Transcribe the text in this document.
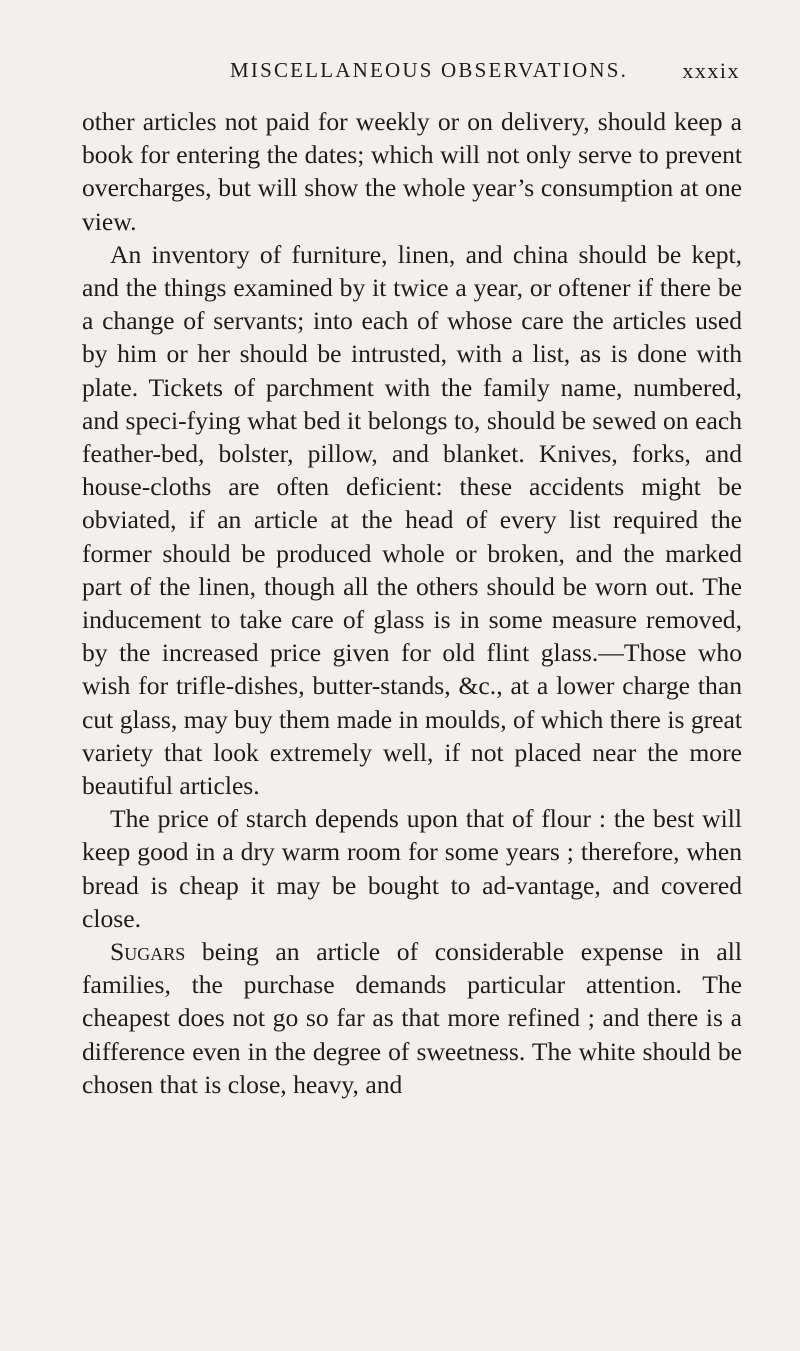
MISCELLANEOUS OBSERVATIONS. xxxix

other articles not paid for weekly or on delivery, should keep a book for entering the dates; which will not only serve to prevent overcharges, but will show the whole year’s consumption at one view.

An inventory of furniture, linen, and china should be kept, and the things examined by it twice a year, or oftener if there be a change of servants; into each of whose care the articles used by him or her should be intrusted, with a list, as is done with plate. Tickets of parchment with the family name, numbered, and speci-fying what bed it belongs to, should be sewed on each feather-bed, bolster, pillow, and blanket. Knives, forks, and house-cloths are often deficient: these accidents might be obviated, if an article at the head of every list required the former should be produced whole or broken, and the marked part of the linen, though all the others should be worn out. The inducement to take care of glass is in some measure removed, by the increased price given for old flint glass.—Those who wish for trifle-dishes, butter-stands, &c., at a lower charge than cut glass, may buy them made in moulds, of which there is great variety that look extremely well, if not placed near the more beautiful articles.

The price of starch depends upon that of flour : the best will keep good in a dry warm room for some years ; therefore, when bread is cheap it may be bought to ad-vantage, and covered close.

Sugars being an article of considerable expense in all families, the purchase demands particular attention. The cheapest does not go so far as that more refined ; and there is a difference even in the degree of sweetness. The white should be chosen that is close, heavy, and
